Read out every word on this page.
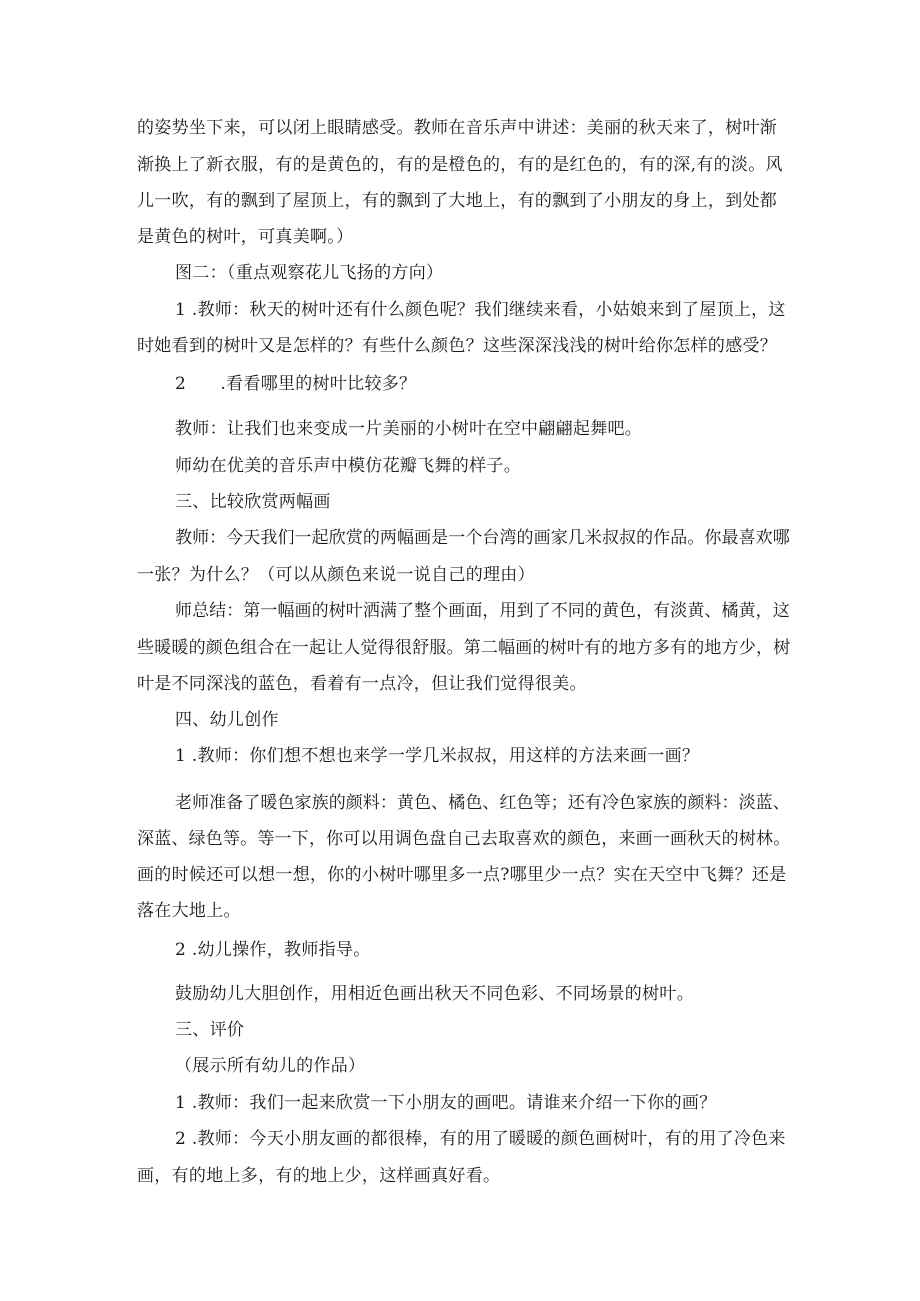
的姿势坐下来，可以闭上眼睛感受。教师在音乐声中讲述：美丽的秋天来了，树叶渐
渐换上了新衣服，有的是黄色的，有的是橙色的，有的是红色的，有的深,有的淡。风
儿一吹，有的飘到了屋顶上，有的飘到了大地上，有的飘到了小朋友的身上，到处都
是黄色的树叶，可真美啊。）
图二：（重点观察花儿飞扬的方向）
1 .教师：秋天的树叶还有什么颜色呢？我们继续来看，小姑娘来到了屋顶上，这
时她看到的树叶又是怎样的？有些什么颜色？这些深深浅浅的树叶给你怎样的感受？
2      .看看哪里的树叶比较多？
教师：让我们也来变成一片美丽的小树叶在空中翩翩起舞吧。
师幼在优美的音乐声中模仿花瓣飞舞的样子。
三、比较欣赏两幅画
教师：今天我们一起欣赏的两幅画是一个台湾的画家几米叔叔的作品。你最喜欢哪
一张？为什么？（可以从颜色来说一说自己的理由）
师总结：第一幅画的树叶洒满了整个画面，用到了不同的黄色，有淡黄、橘黄，这
些暖暖的颜色组合在一起让人觉得很舒服。第二幅画的树叶有的地方多有的地方少，树
叶是不同深浅的蓝色，看着有一点冷，但让我们觉得很美。
四、幼儿创作
1 .教师：你们想不想也来学一学几米叔叔，用这样的方法来画一画？
老师准备了暖色家族的颜料：黄色、橘色、红色等；还有冷色家族的颜料：淡蓝、
深蓝、绿色等。等一下，你可以用调色盘自己去取喜欢的颜色，来画一画秋天的树林。
画的时候还可以想一想，你的小树叶哪里多一点?哪里少一点？实在天空中飞舞？还是
落在大地上。
2 .幼儿操作，教师指导。
鼓励幼儿大胆创作，用相近色画出秋天不同色彩、不同场景的树叶。
三、评价
（展示所有幼儿的作品）
1 .教师：我们一起来欣赏一下小朋友的画吧。请谁来介绍一下你的画？
2 .教师：今天小朋友画的都很棒，有的用了暖暖的颜色画树叶，有的用了冷色来
画，有的地上多，有的地上少，这样画真好看。
